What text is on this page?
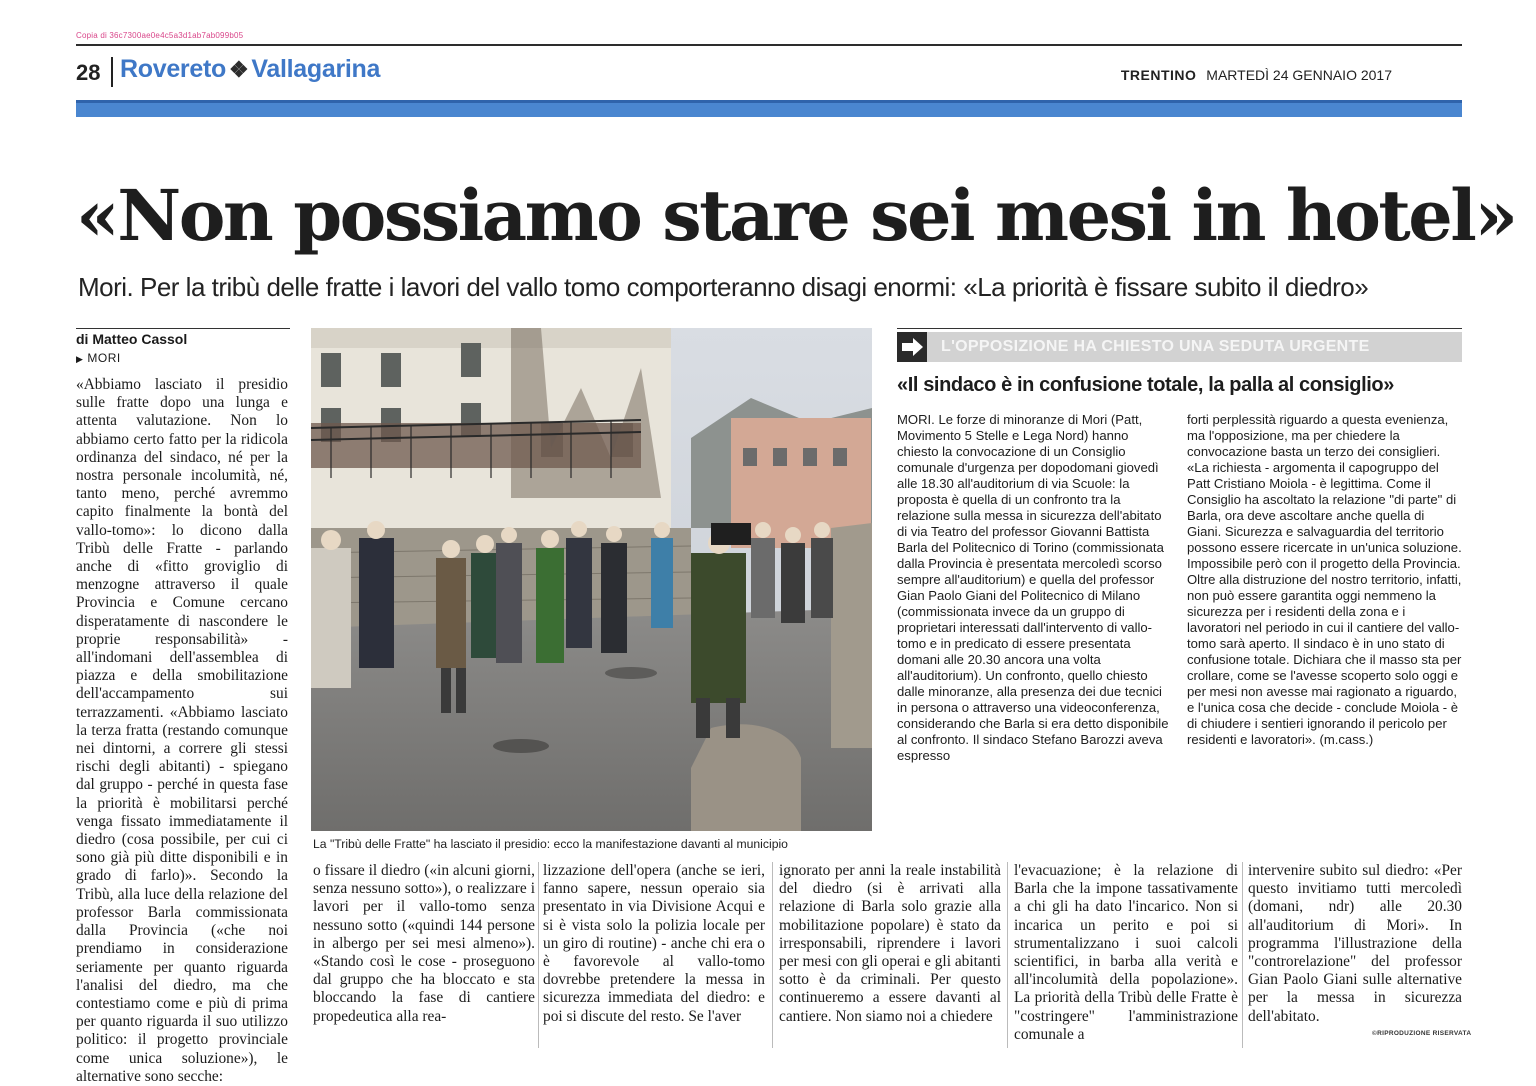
Copia di 36c7300ae0e4c5a3d1ab7ab099b05
28 Rovereto ❖ Vallagarina	TRENTINO MARTEDÌ 24 GENNAIO 2017
«Non possiamo stare sei mesi in hotel»
Mori. Per la tribù delle fratte i lavori del vallo tomo comporteranno disagi enormi: «La priorità è fissare subito il diedro»
di Matteo Cassol
▶ MORI
«Abbiamo lasciato il presidio sulle fratte dopo una lunga e attenta valutazione. Non lo abbiamo certo fatto per la ridicola ordinanza del sindaco, né per la nostra personale incolumità, né, tanto meno, perché avremmo capito finalmente la bontà del vallo-tomo»: lo dicono dalla Tribù delle Fratte - parlando anche di «fitto groviglio di menzogne attraverso il quale Provincia e Comune cercano disperatamente di nascondere le proprie responsabilità» - all'indomani dell'assemblea di piazza e della smobilitazione dell'accampamento sui terrazzamenti. «Abbiamo lasciato la terza fratta (restando comunque nei dintorni, a correre gli stessi rischi degli abitanti) - spiegano dal gruppo - perché in questa fase la priorità è mobilitarsi perché venga fissato immediatamente il diedro (cosa possibile, per cui ci sono già più ditte disponibili e in grado di farlo)». Secondo la Tribù, alla luce della relazione del professor Barla commissionata dalla Provincia («che noi prendiamo in considerazione seriamente per quanto riguarda l'analisi del diedro, ma che contestiamo come e più di prima per quanto riguarda il suo utilizzo politico: il progetto provinciale come unica soluzione»), le alternative sono secche:
La "Tribù delle Fratte" ha lasciato il presidio: ecco la manifestazione davanti al municipio
L'OPPOSIZIONE HA CHIESTO UNA SEDUTA URGENTE
«Il sindaco è in confusione totale, la palla al consiglio»
MORI. Le forze di minoranze di Mori (Patt, Movimento 5 Stelle e Lega Nord) hanno chiesto la convocazione di un Consiglio comunale d'urgenza per dopodomani giovedì alle 18.30 all'auditorium di via Scuole: la proposta è quella di un confronto tra la relazione sulla messa in sicurezza dell'abitato di via Teatro del professor Giovanni Battista Barla del Politecnico di Torino (commissionata dalla Provincia è presentata mercoledì scorso sempre all'auditorium) e quella del professor Gian Paolo Giani del Politecnico di Milano (commissionata invece da un gruppo di proprietari interessati dall'intervento di vallo-tomo e in predicato di essere presentata domani alle 20.30 ancora una volta all'auditorium). Un confronto, quello chiesto dalle minoranze, alla presenza dei due tecnici in persona o attraverso una videoconferenza, considerando che Barla si era detto disponibile al confronto. Il sindaco Stefano Barozzi aveva espresso
forti perplessità riguardo a questa evenienza, ma l'opposizione, ma per chiedere la convocazione basta un terzo dei consiglieri. «La richiesta - argomenta il capogruppo del Patt Cristiano Moiola - è legittima. Come il Consiglio ha ascoltato la relazione "di parte" di Barla, ora deve ascoltare anche quella di Giani. Sicurezza e salvaguardia del territorio possono essere ricercate in un'unica soluzione. Impossibile però con il progetto della Provincia. Oltre alla distruzione del nostro territorio, infatti, non può essere garantita oggi nemmeno la sicurezza per i residenti della zona e i lavoratori nel periodo in cui il cantiere del vallo-tomo sarà aperto. Il sindaco è in uno stato di confusione totale. Dichiara che il masso sta per crollare, come se l'avesse scoperto solo oggi e per mesi non avesse mai ragionato a riguardo, e l'unica cosa che decide - conclude Moiola - è di chiudere i sentieri ignorando il pericolo per residenti e lavoratori». (m.cass.)
o fissare il diedro («in alcuni giorni, senza nessuno sotto»), o realizzare i lavori per il vallo-tomo senza nessuno sotto («quindi 144 persone in albergo per sei mesi almeno»). «Stando così le cose - proseguono dal gruppo che ha bloccato e sta bloccando la fase di cantiere propedeutica alla rea-
lizzazione dell'opera (anche se ieri, fanno sapere, nessun operaio sia presentato in via Divisione Acqui e si è vista solo la polizia locale per un giro di routine) - anche chi era o è favorevole al vallo-tomo dovrebbe pretendere la messa in sicurezza immediata del diedro: e poi si discute del resto. Se l'aver
ignorato per anni la reale instabilità del diedro (si è arrivati alla relazione di Barla solo grazie alla mobilitazione popolare) è stato da irresponsabili, riprendere i lavori per mesi con gli operai e gli abitanti sotto è da criminali. Per questo continueremo a essere davanti al cantiere. Non siamo noi a chiedere
l'evacuazione; è la relazione di Barla che la impone tassativamente a chi gli ha dato l'incarico. Non si incarica un perito e poi si strumentalizzano i suoi calcoli scientifici, in barba alla verità e all'incolumità della popolazione». La priorità della Tribù delle Fratte è "costringere" l'amministrazione comunale a
intervenire subito sul diedro: «Per questo invitiamo tutti mercoledì (domani, ndr) alle 20.30 all'auditorium di Mori». In programma l'illustrazione della "controrelazione" del professor Gian Paolo Giani sulle alternative per la messa in sicurezza dell'abitato.
©RIPRODUZIONE RISERVATA
